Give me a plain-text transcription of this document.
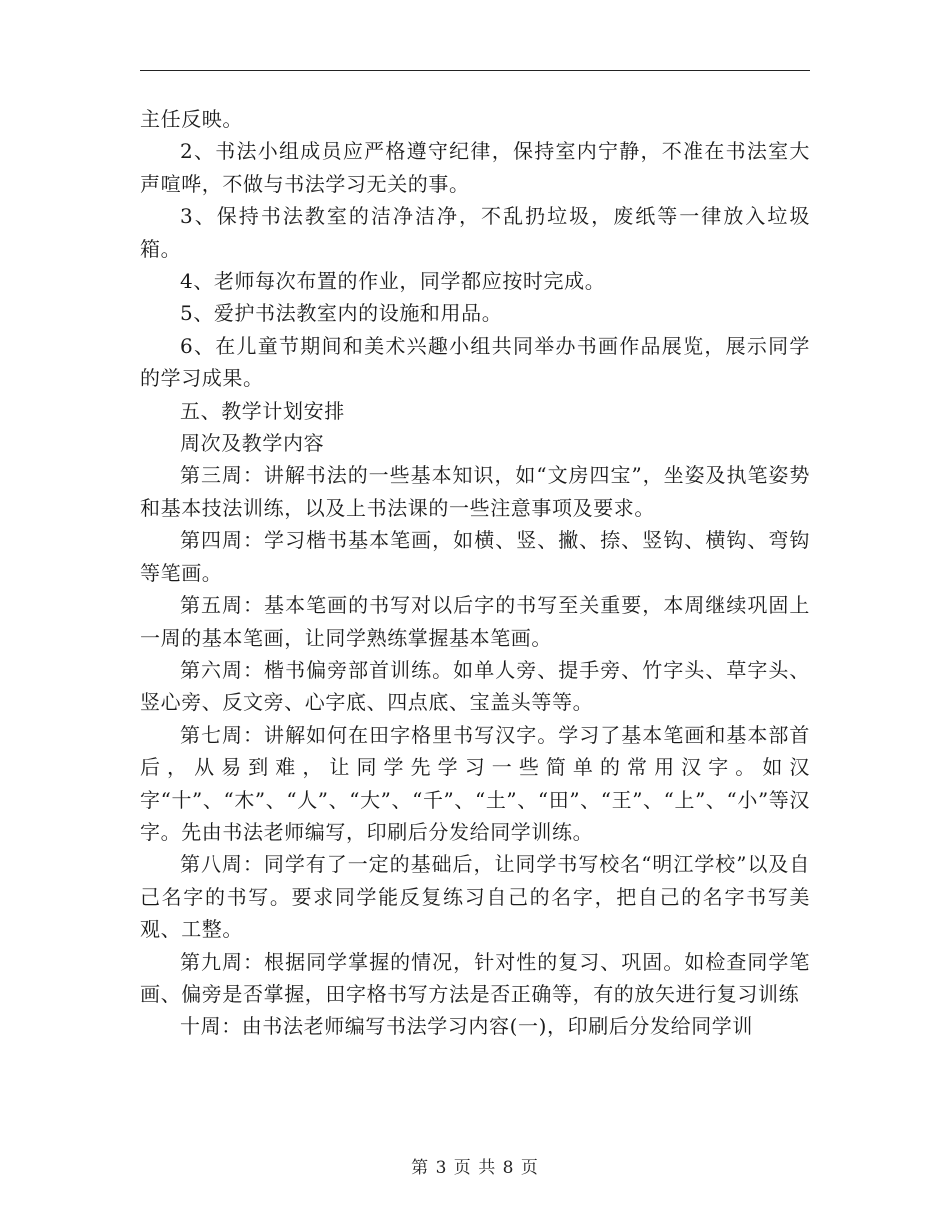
主任反映。

2、书法小组成员应严格遵守纪律，保持室内宁静，不准在书法室大声喧哗，不做与书法学习无关的事。

3、保持书法教室的洁净洁净，不乱扔垃圾，废纸等一律放入垃圾箱。

4、老师每次布置的作业，同学都应按时完成。

5、爱护书法教室内的设施和用品。

6、在儿童节期间和美术兴趣小组共同举办书画作品展览，展示同学的学习成果。

五、教学计划安排

周次及教学内容

第三周：讲解书法的一些基本知识，如“文房四宝”，坐姿及执笔姿势和基本技法训练，以及上书法课的一些注意事项及要求。

第四周：学习楷书基本笔画，如横、竖、撇、捺、竖钩、横钩、弯钩等笔画。

第五周：基本笔画的书写对以后字的书写至关重要，本周继续巩固上一周的基本笔画，让同学熟练掌握基本笔画。

第六周：楷书偏旁部首训练。如单人旁、提手旁、竹字头、草字头、竖心旁、反文旁、心字底、四点底、宝盖头等等。

第七周：讲解如何在田字格里书写汉字。学习了基本笔画和基本部首后，从易到难，让同学先学习一些简单的常用汉字。如汉字“十”、“木”、“人”、“大”、“千”、“土”、“田”、“王”、“上”、“小”等汉字。先由书法老师编写，印刷后分发给同学训练。

第八周：同学有了一定的基础后，让同学书写校名“明江学校”以及自己名字的书写。要求同学能反复练习自己的名字，把自己的名字书写美观、工整。

第九周：根据同学掌握的情况，针对性的复习、巩固。如检查同学笔画、偏旁是否掌握，田字格书写方法是否正确等，有的放矢进行复习训练

十周：由书法老师编写书法学习内容(一)，印刷后分发给同学训

第 3 页 共 8 页
